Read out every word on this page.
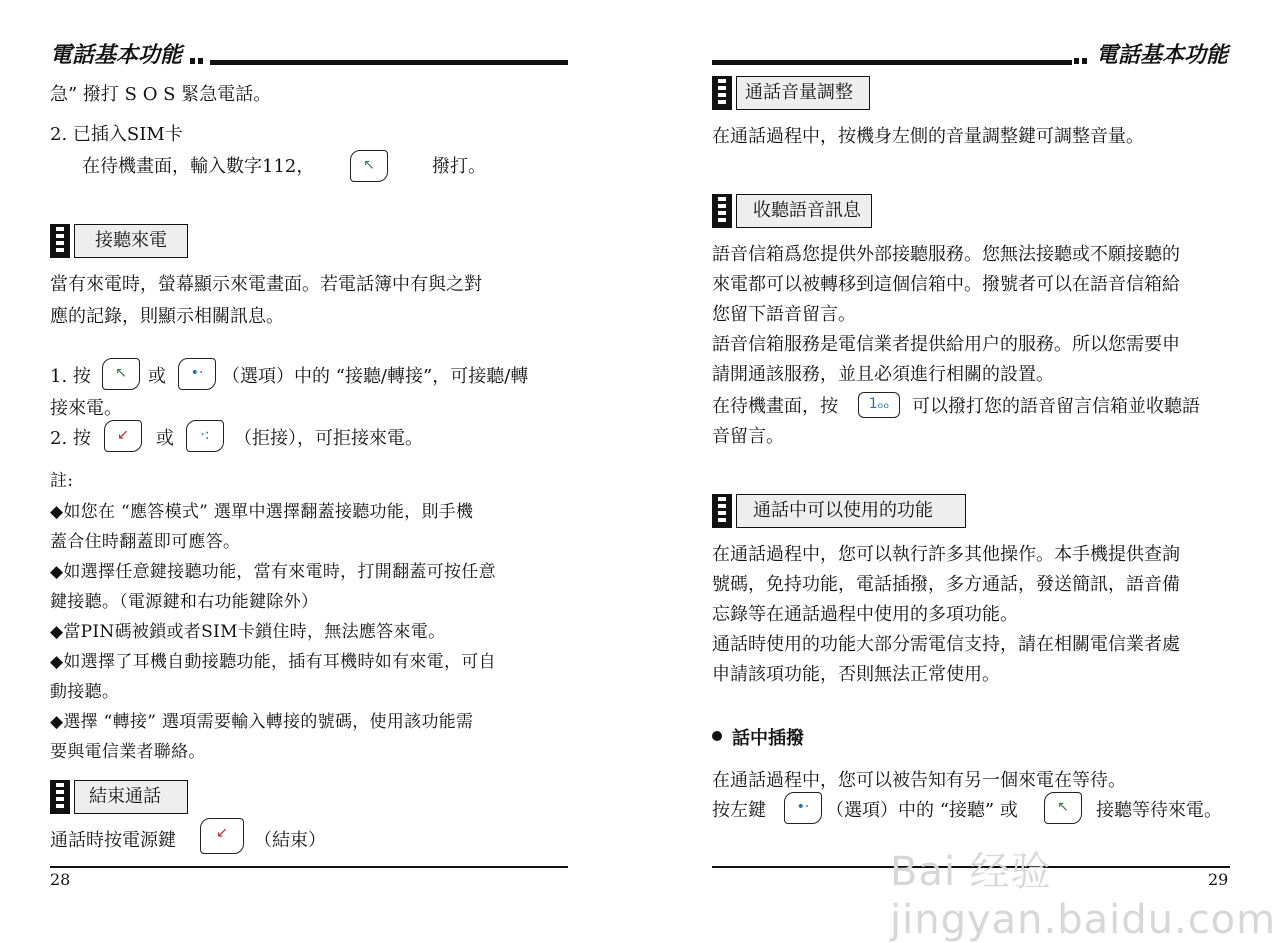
電話基本功能
急” 撥打 S O S 緊急電話。
2. 已插入SIM卡
在待機畫面，輸入數字112，	↖	撥打。
接聽來電
當有來電時，螢幕顯示來電畫面。若電話簿中有與之對
應的記錄，則顯示相關訊息。
1. 按	↖	或	•·	（選項）中的 “接聽/轉接”，可接聽/轉
接來電。
2. 按	↙	或	·:	（拒接），可拒接來電。
註:
◆如您在 “應答模式” 選單中選擇翻蓋接聽功能，則手機
蓋合住時翻蓋即可應答。
◆如選擇任意鍵接聽功能，當有來電時，打開翻蓋可按任意
鍵接聽。（電源鍵和右功能鍵除外）
◆當PIN碼被鎖或者SIM卡鎖住時，無法應答來電。
◆如選擇了耳機自動接聽功能，插有耳機時如有來電，可自
動接聽。
◆選擇 “轉接” 選項需要輸入轉接的號碼，使用該功能需
要與電信業者聯絡。
結束通話
通話時按電源鍵	↙	（結束）
28
電話基本功能
通話音量調整
在通話過程中，按機身左側的音量調整鍵可調整音量。
收聽語音訊息
語音信箱爲您提供外部接聽服務。您無法接聽或不願接聽的
來電都可以被轉移到這個信箱中。撥號者可以在語音信箱給
您留下語音留言。
語音信箱服務是電信業者提供給用户的服務。所以您需要申
請開通該服務，並且必須進行相關的設置。
在待機畫面，按	1ₒₒ	可以撥打您的語音留言信箱並收聽語
音留言。
通話中可以使用的功能
在通話過程中，您可以執行許多其他操作。本手機提供查詢
號碼，免持功能，電話插撥，多方通話，發送簡訊，語音備
忘錄等在通話過程中使用的多項功能。
通話時使用的功能大部分需電信支持，請在相關電信業者處
申請該項功能，否則無法正常使用。
話中插撥
在通話過程中，您可以被告知有另一個來電在等待。
按左鍵	•· （選項）中的 “接聽” 或	↖	接聽等待來電。
29
Bai 经验 jingyan.baidu.com
